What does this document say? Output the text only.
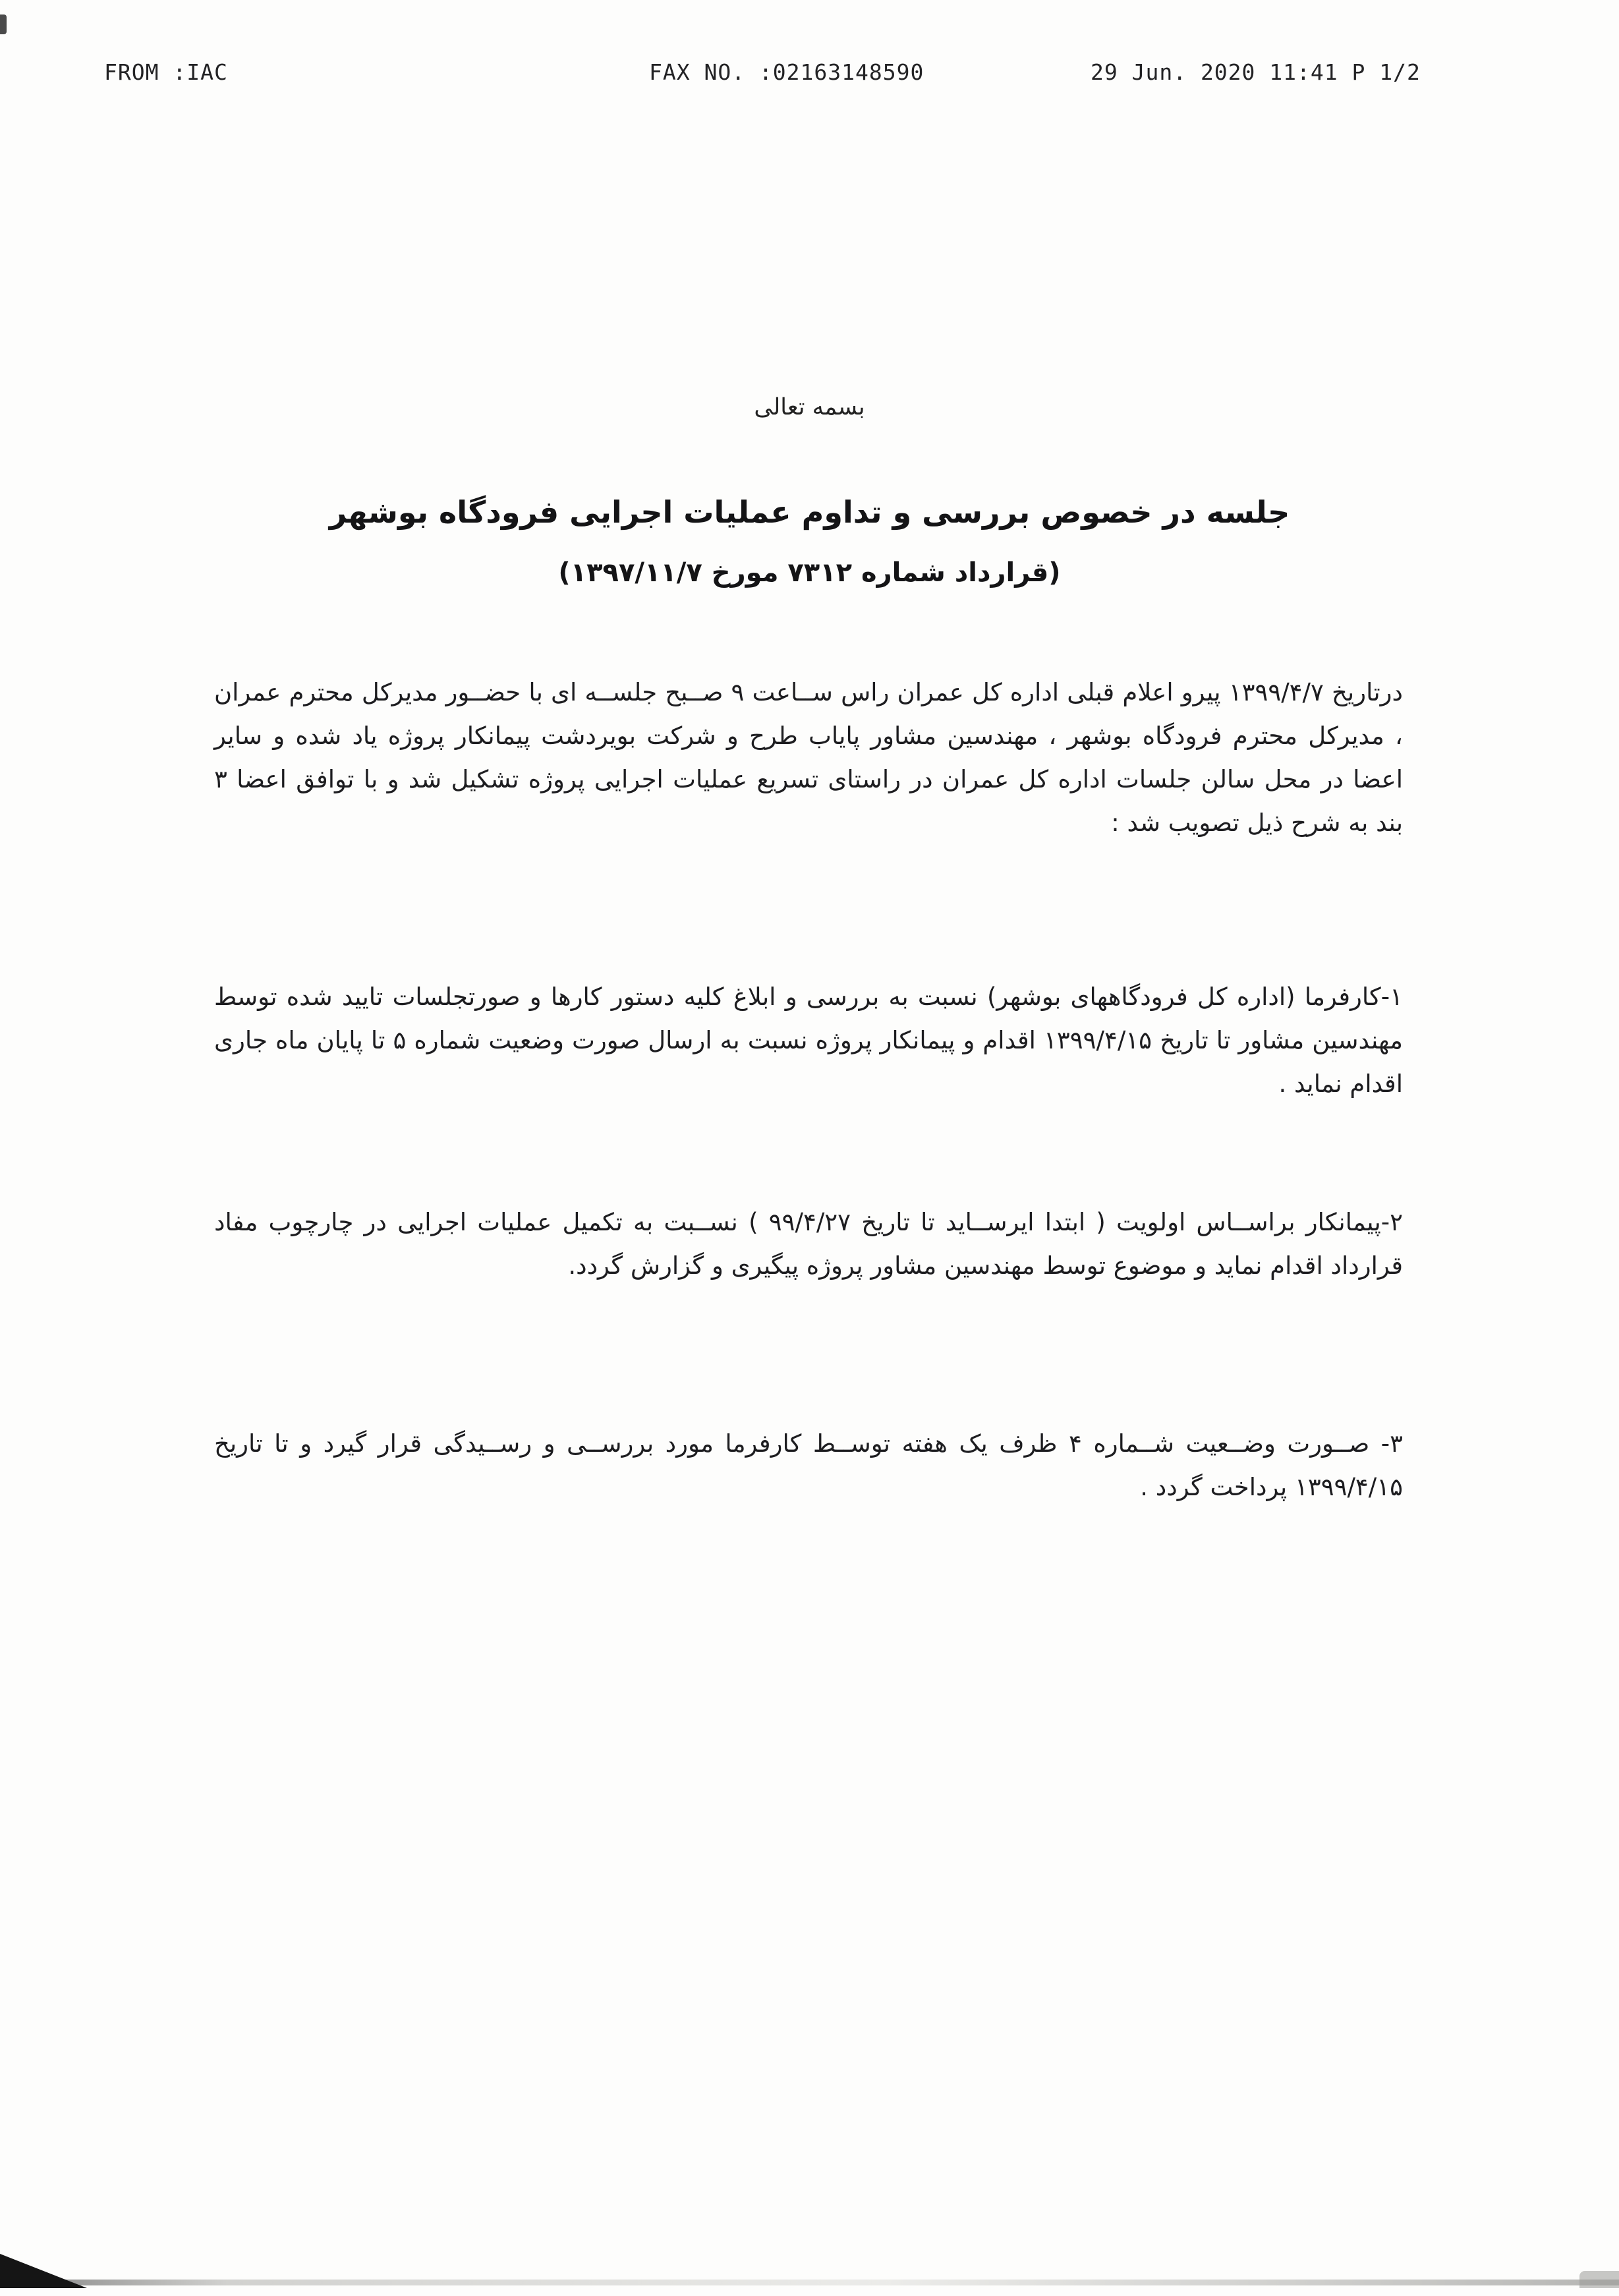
FROM :IAC	FAX NO. :02163148590	29 Jun. 2020 11:41 P 1/2
بسمه تعالی
جلسه در خصوص بررسی و تداوم عملیات اجرایی فرودگاه بوشهر
(قرارداد شماره ۷۳۱۲ مورخ ۱۳۹۷/۱۱/۷)

درتاریخ ۱۳۹۹/۴/۷ پیرو اعلام قبلی اداره کل عمران راس ســاعت ۹ صــبح جلســه ای با حضــور مدیرکل محترم عمران ، مدیرکل محترم فرودگاه بوشهر ، مهندسین مشاور پایاب طرح و شرکت بویردشت پیمانکار پروژه یاد شده و سایر اعضا در محل سالن جلسات اداره کل عمران در راستای تسریع عملیات اجرایی پروژه تشکیل شد و با توافق اعضا ۳ بند به شرح ذیل تصویب شد :

۱-کارفرما (اداره کل فرودگاههای بوشهر) نسبت به بررسی و ابلاغ کلیه دستور کارها و صورتجلسات تایید شده توسط مهندسین مشاور تا تاریخ ۱۳۹۹/۴/۱۵ اقدام و پیمانکار پروژه نسبت به ارسال صورت وضعیت شماره ۵ تا پایان ماه جاری اقدام نماید .

۲-پیمانکار براســاس اولویت ( ابتدا ایرســاید تا تاریخ ۹۹/۴/۲۷ ) نســبت به تکمیل عملیات اجرایی در چارچوب مفاد قرارداد اقدام نماید و موضوع توسط مهندسین مشاور پروژه پیگیری و گزارش گردد.

۳- صــورت وضــعیت شــماره ۴ ظرف یک هفته توســط کارفرما مورد بررســی و رســیدگی قرار گیرد و تا تاریخ ۱۳۹۹/۴/۱۵ پرداخت گردد .
